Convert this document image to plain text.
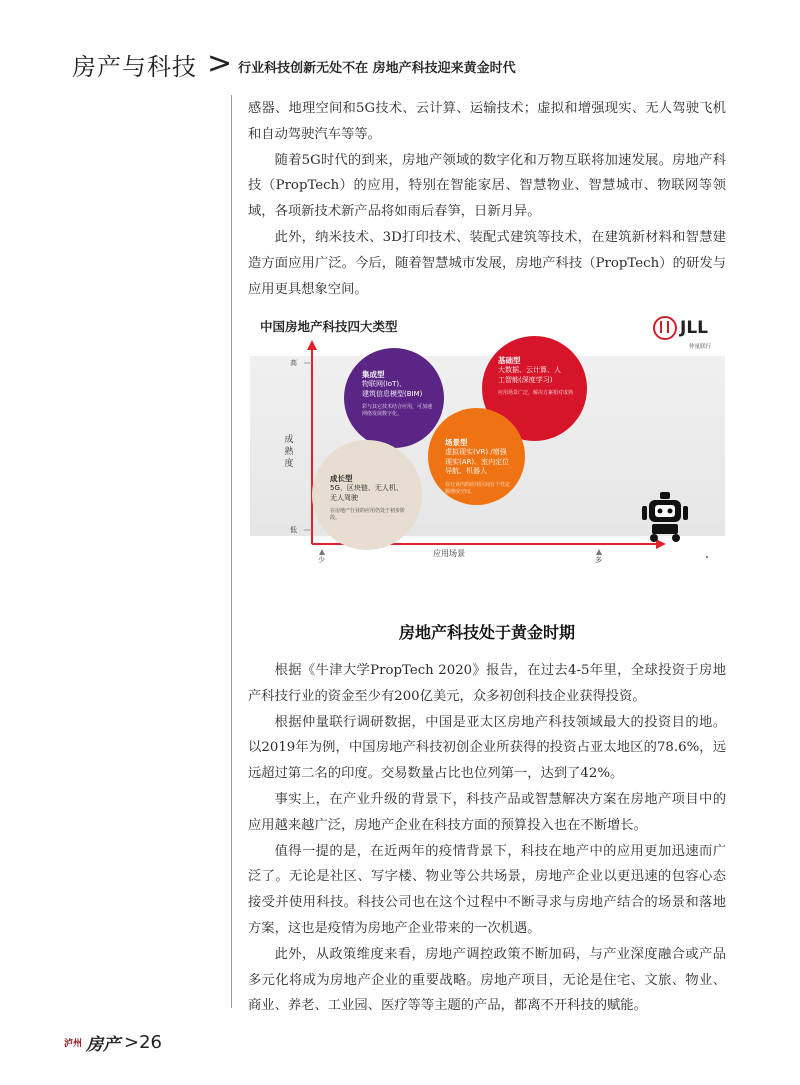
房产与科技 > 行业科技创新无处不在 房地产科技迎来黄金时代

感器、地理空间和5G技术、云计算、运输技术；虚拟和增强现实、无人驾驶飞机和自动驾驶汽车等等。

随着5G时代的到来，房地产领域的数字化和万物互联将加速发展。房地产科技（PropTech）的应用，特别在智能家居、智慧物业、智慧城市、物联网等领域，各项新技术新产品将如雨后春笋，日新月异。

此外，纳米技术、3D打印技术、装配式建筑等技术，在建筑新材料和智慧建造方面应用广泛。今后，随着智慧城市发展，房地产科技（PropTech）的研发与应用更具想象空间。

中国房地产科技四大类型	JLL
仲量联行
高
低
成熟度
少	多
应用场景
集成型
物联网(IoT)、
建筑信息模型(BIM)
彩与其它技术结合应用，可加速网络发展数字化。
基础型
大数据、云计算、人
工智能(深度学习)
应用场景广泛，解决方案相对成熟
成长型
5G、区块链、无人机、
无人驾驶
在房地产行业的应用仍处于初步阶段。
场景型
虚拟现实(VR) /增强
现实(AR)、室内定位
导航、机器人
在行业内的应用区间有个性定额增成空间。
房地产科技处于黄金时期

根据《牛津大学PropTech 2020》报告，在过去4-5年里，全球投资于房地产科技行业的资金至少有200亿美元，众多初创科技企业获得投资。

根据仲量联行调研数据，中国是亚太区房地产科技领域最大的投资目的地。以2019年为例，中国房地产科技初创企业所获得的投资占亚太地区的78.6%，远远超过第二名的印度。交易数量占比也位列第一，达到了42%。

事实上，在产业升级的背景下，科技产品或智慧解决方案在房地产项目中的应用越来越广泛，房地产企业在科技方面的预算投入也在不断增长。

值得一提的是，在近两年的疫情背景下，科技在地产中的应用更加迅速而广泛了。无论是社区、写字楼、物业等公共场景，房地产企业以更迅速的包容心态接受并使用科技。科技公司也在这个过程中不断寻求与房地产结合的场景和落地方案，这也是疫情为房地产企业带来的一次机遇。

此外，从政策维度来看，房地产调控政策不断加码，与产业深度融合或产品多元化将成为房地产企业的重要战略。房地产项目，无论是住宅、文旅、物业、商业、养老、工业园、医疗等等主题的产品，都离不开科技的赋能。

泸州 房产 >26
